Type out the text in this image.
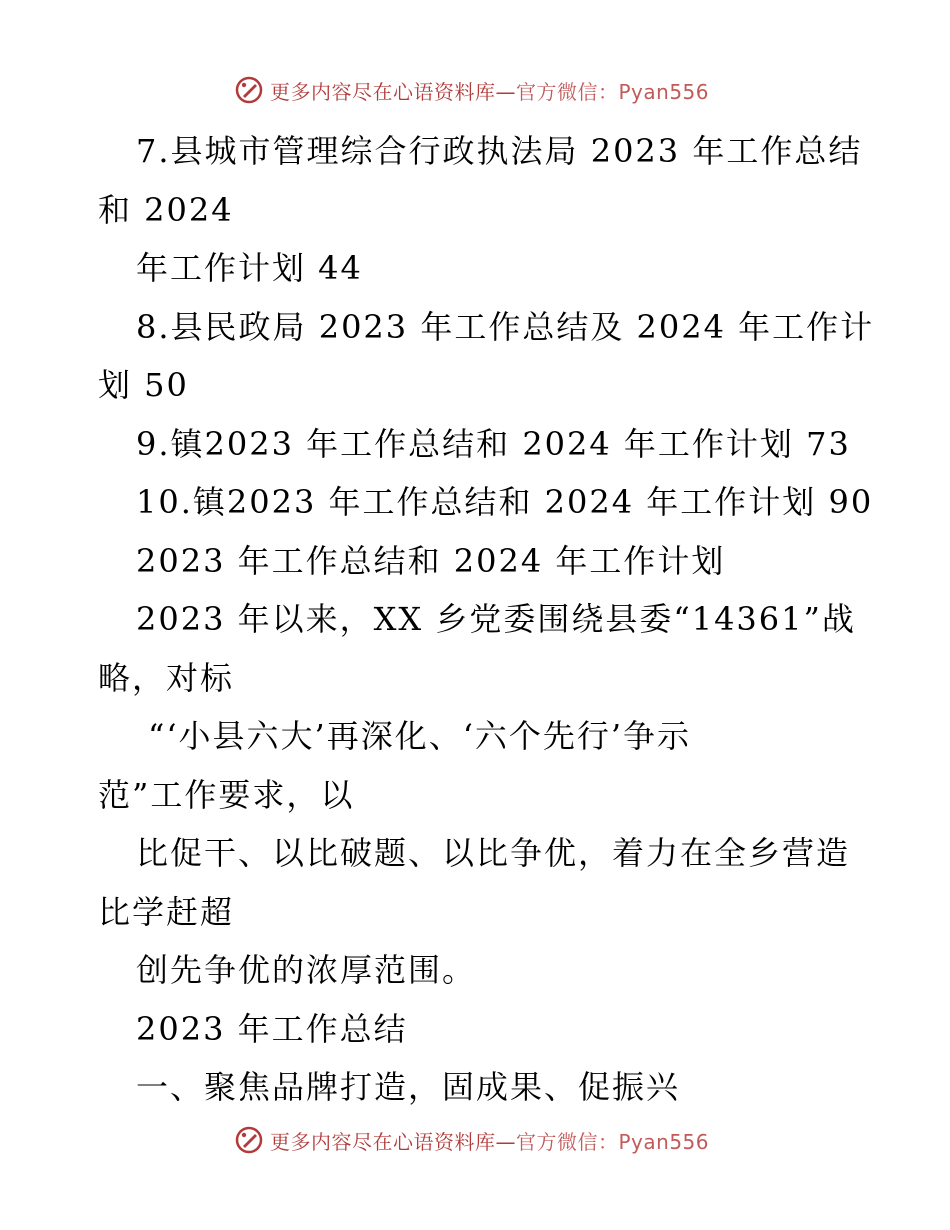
更多内容尽在心语资料库—官方微信：Pyan556
7.县城市管理综合行政执法局 2023 年工作总结
和 2024
年工作计划 44
8.县民政局 2023 年工作总结及 2024 年工作计
划 50
9.镇2023 年工作总结和 2024 年工作计划 73
10.镇2023 年工作总结和 2024 年工作计划 90
2023 年工作总结和 2024 年工作计划
2023 年以来，XX 乡党委围绕县委“14361”战
略，对标
“‘小县六大’再深化、‘六个先行’争示
范”工作要求，以
比促干、以比破题、以比争优，着力在全乡营造
比学赶超
创先争优的浓厚范围。
2023 年工作总结
一、聚焦品牌打造，固成果、促振兴
更多内容尽在心语资料库—官方微信：Pyan556
